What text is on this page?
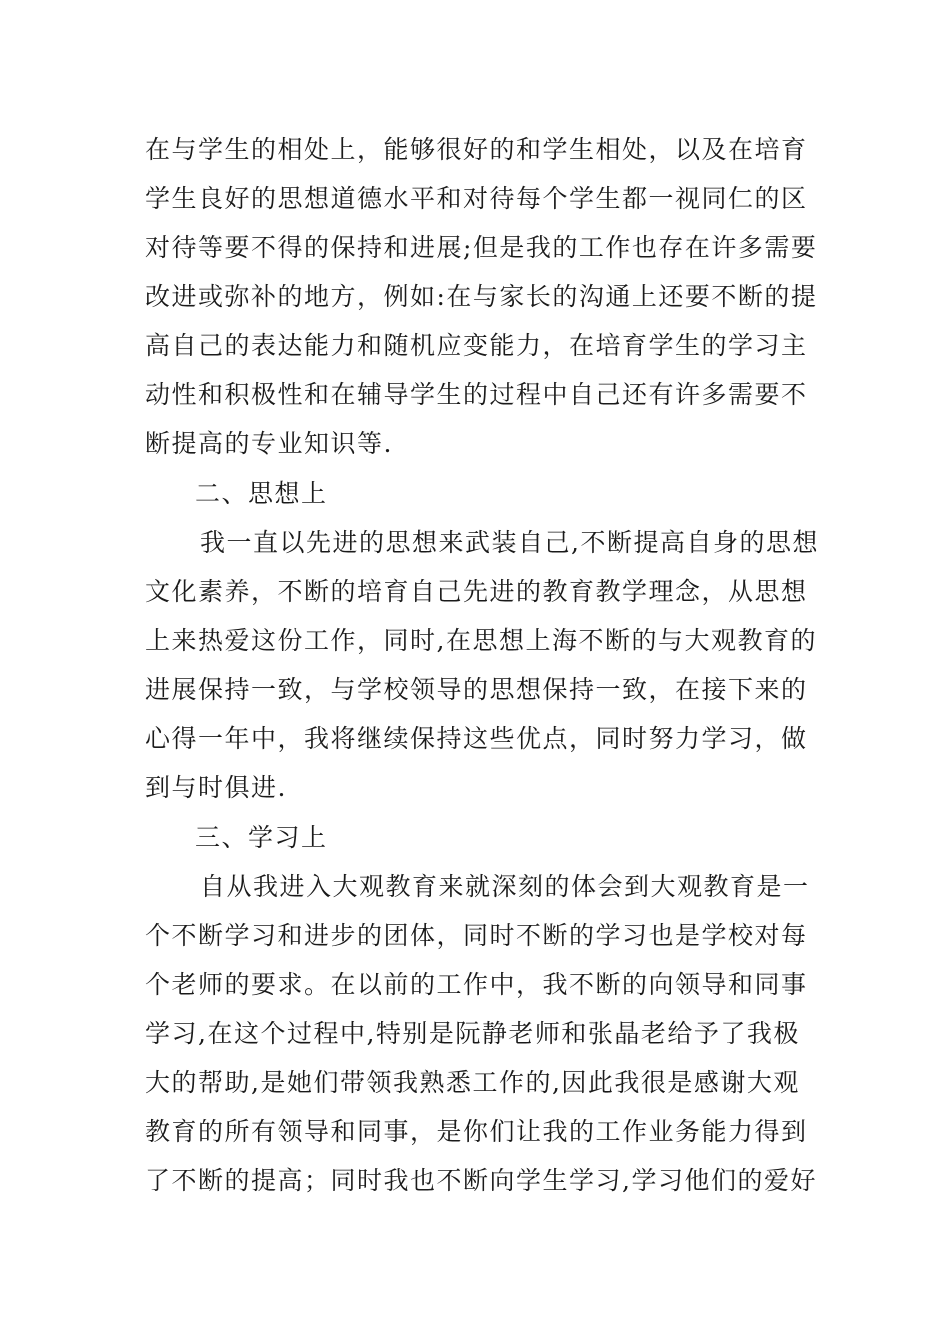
在与学生的相处上，能够很好的和学生相处，以及在培育
学生良好的思想道德水平和对待每个学生都一视同仁的区
对待等要不得的保持和进展;但是我的工作也存在许多需要
改进或弥补的地方，例如:在与家长的沟通上还要不断的提
高自己的表达能力和随机应变能力，在培育学生的学习主
动性和积极性和在辅导学生的过程中自己还有许多需要不
断提高的专业知识等.
二、思想上
我一直以先进的思想来武装自己,不断提高自身的思想
文化素养，不断的培育自己先进的教育教学理念，从思想
上来热爱这份工作，同时,在思想上海不断的与大观教育的
进展保持一致，与学校领导的思想保持一致，在接下来的
心得一年中，我将继续保持这些优点，同时努力学习，做
到与时俱进.
三、学习上
自从我进入大观教育来就深刻的体会到大观教育是一
个不断学习和进步的团体，同时不断的学习也是学校对每
个老师的要求。在以前的工作中，我不断的向领导和同事
学习,在这个过程中,特别是阮静老师和张晶老给予了我极
大的帮助,是她们带领我熟悉工作的,因此我很是感谢大观
教育的所有领导和同事，是你们让我的工作业务能力得到
了不断的提高；同时我也不断向学生学习,学习他们的爱好
